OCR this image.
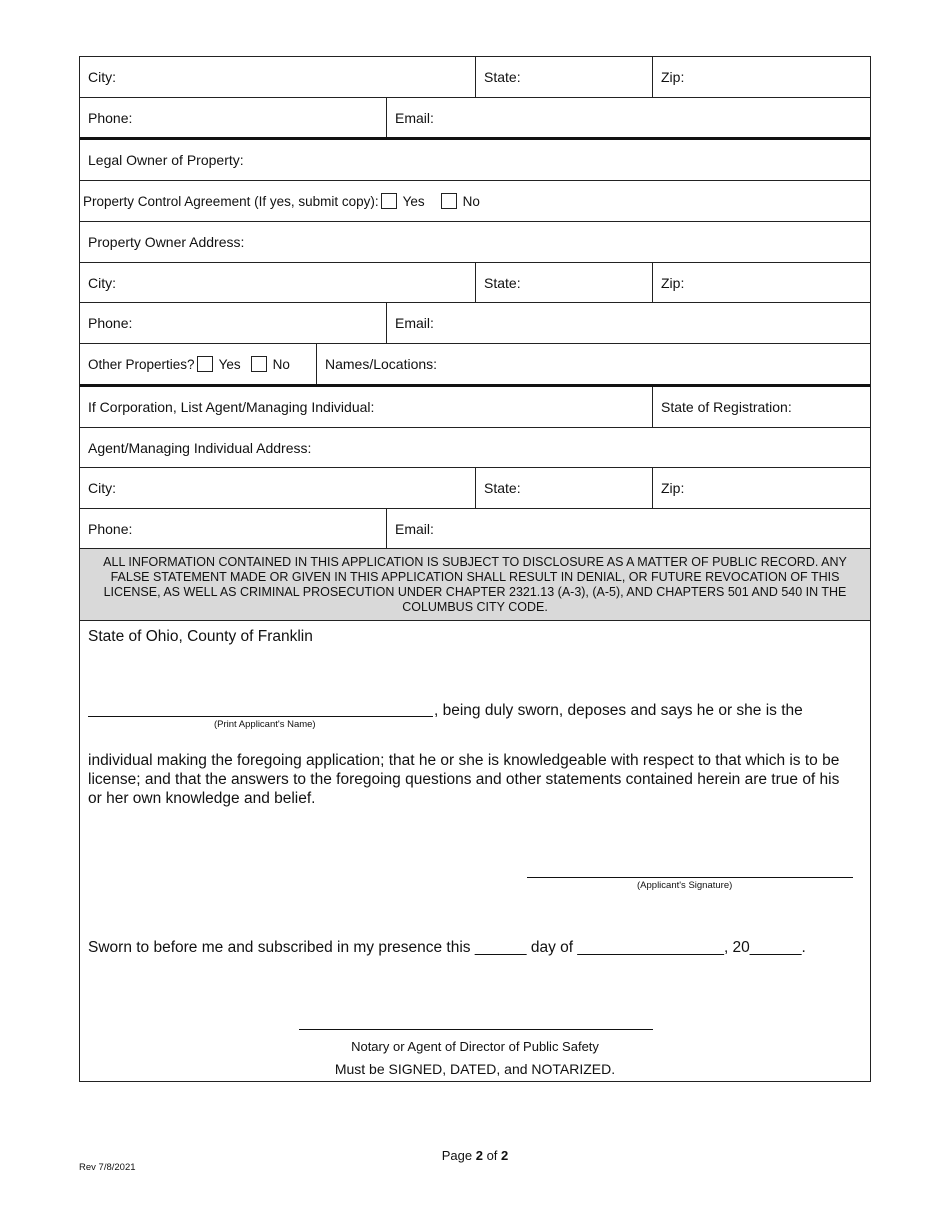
City:	State:	Zip:
Phone:	Email:
Legal Owner of Property:
Property Control Agreement (If yes, submit copy): Yes	No
Property Owner Address:
City:	State:	Zip:
Phone:	Email:
Other Properties? Yes No	Names/Locations:
If Corporation, List Agent/Managing Individual:	State of Registration:
Agent/Managing Individual Address:
City:	State:	Zip:
Phone:	Email:
ALL INFORMATION CONTAINED IN THIS APPLICATION IS SUBJECT TO DISCLOSURE AS A MATTER OF PUBLIC RECORD. ANY FALSE STATEMENT MADE OR GIVEN IN THIS APPLICATION SHALL RESULT IN DENIAL, OR FUTURE REVOCATION OF THIS LICENSE, AS WELL AS CRIMINAL PROSECUTION UNDER CHAPTER 2321.13 (A-3), (A-5), AND CHAPTERS 501 AND 540 IN THE COLUMBUS CITY CODE.
State of Ohio, County of Franklin
, being duly sworn, deposes and says he or she is the
(Print Applicant's Name)
individual making the foregoing application; that he or she is knowledgeable with respect to that which is to be license; and that the answers to the foregoing questions and other statements contained herein are true of his or her own knowledge and belief.
(Applicant's Signature)
Sworn to before me and subscribed in my presence this ______ day of _________________, 20______.
Notary or Agent of Director of Public Safety
Must be SIGNED, DATED, and NOTARIZED.
Page 2 of 2
Rev 7/8/2021
